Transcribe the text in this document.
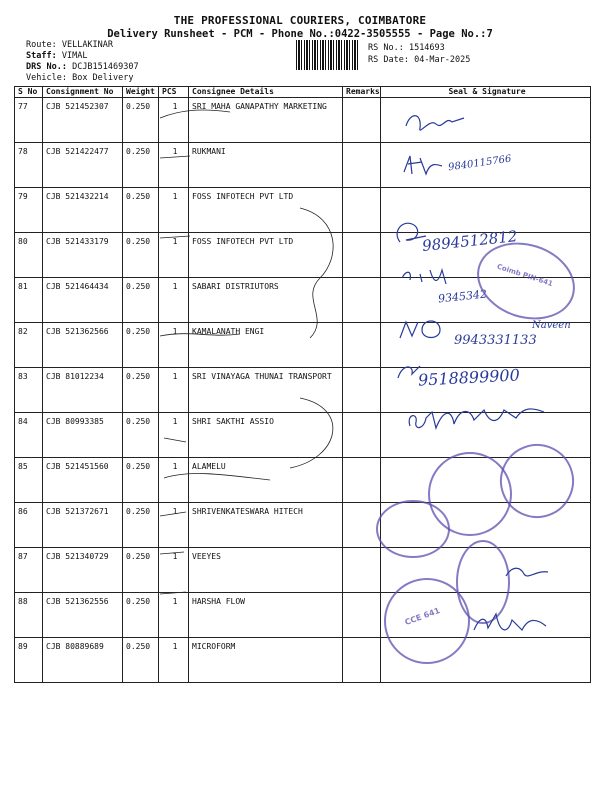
THE PROFESSIONAL COURIERS, COIMBATORE
Delivery Runsheet - PCM - Phone No.:0422-3505555 - Page No.:7
Route: VELLAKINAR
Staff: VIMAL
DRS No.: DCJB151469307
Vehicle: Box Delivery
RS No.: 1514693
RS Date: 04-Mar-2025
S No	Consignment No	Weight	PCS	Consignee Details	Remarks	Seal & Signature
77	CJB 521452307	0.250	1	SRI MAHA GANAPATHY MARKETING		
78	CJB 521422477	0.250	1	RUKMANI		
79	CJB 521432214	0.250	1	FOSS INFOTECH PVT LTD		
80	CJB 521433179	0.250	1	FOSS INFOTECH PVT LTD		
81	CJB 521464434	0.250	1	SABARI DISTRIUTORS		
82	CJB 521362566	0.250	1	KAMALANATH ENGI		
83	CJB 81012234	0.250	1	SRI VINAYAGA THUNAI TRANSPORT		
84	CJB 80993385	0.250	1	SHRI SAKTHI ASSIO		
85	CJB 521451560	0.250	1	ALAMELU		
86	CJB 521372671	0.250	1	SHRIVENKATESWARA HITECH		
87	CJB 521340729	0.250	1	VEEYES		
88	CJB 521362556	0.250	1	HARSHA FLOW		
89	CJB 80889689	0.250	1	MICROFORM		
9840115766
9894512812
9345342
Naveen
9943331133
9518899900
Coimb PIN-641
CCE 641
